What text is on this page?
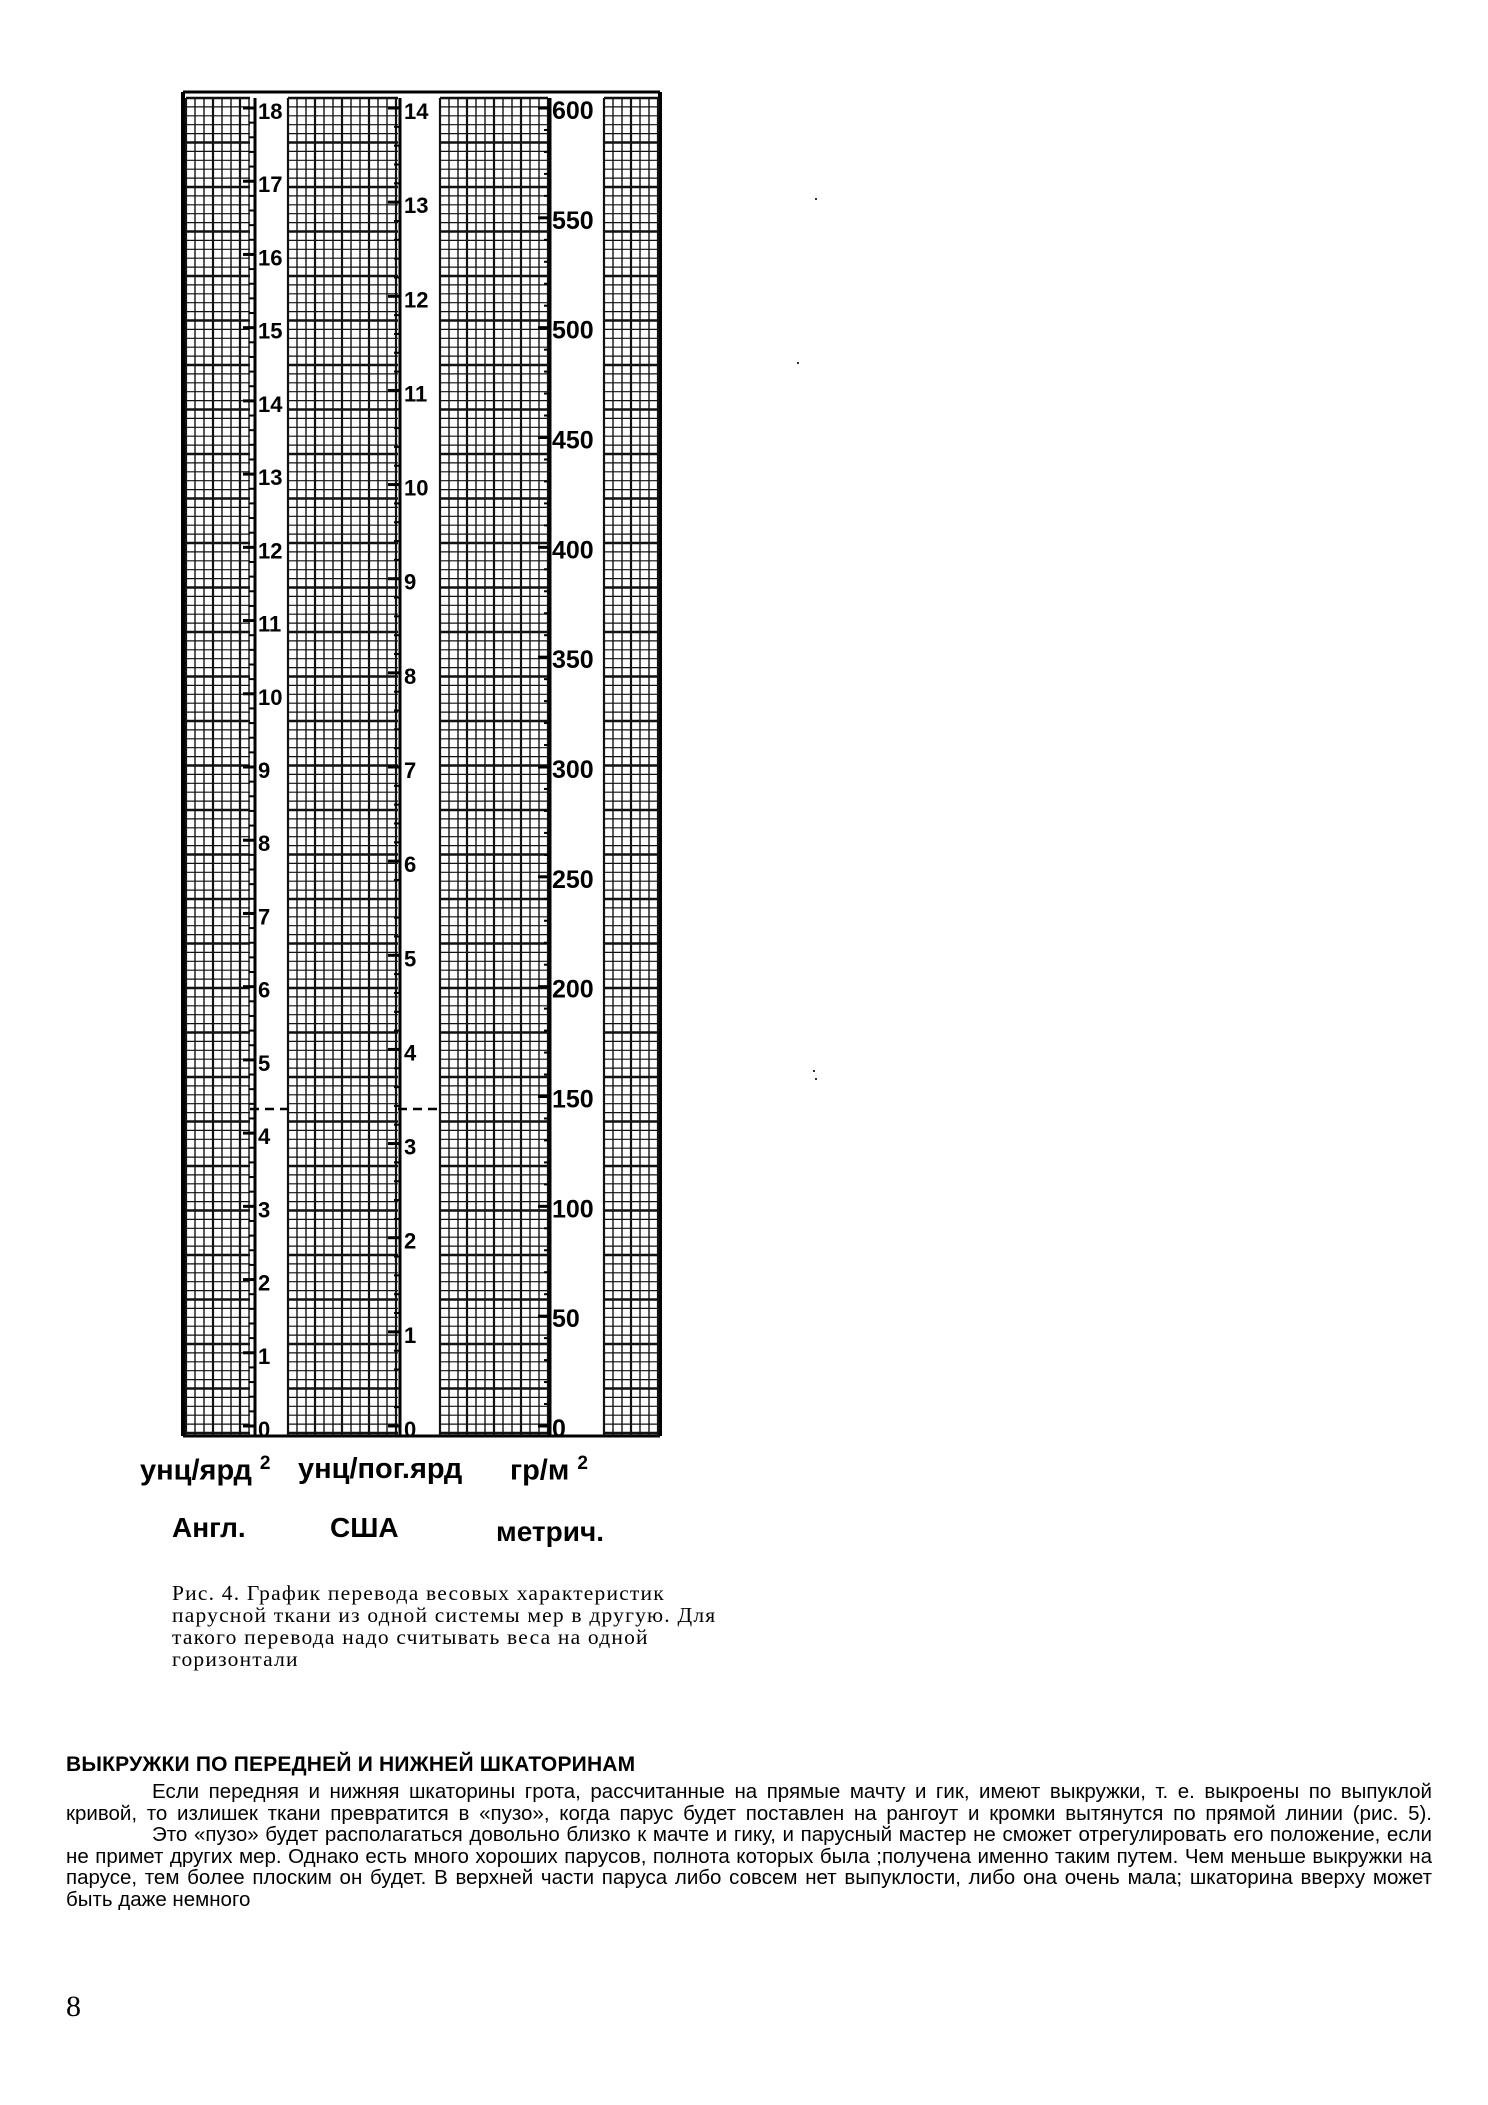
0
1
2
3
4
5
6
7
8
9
10
11
12
13
14
15
16
17
18
0
1
2
3
4
5
6
7
8
9
10
11
12
13
14
0
50
100
150
200
250
300
350
400
450
500
550
600
унц/ярд $^2$ унц/пог.ярд гр/м $^2$
Англ.	США	метрич.
Рис. 4. График перевода весовых характеристик парусной ткани из одной системы мер в другую. Для такого перевода надо считывать веса на одной горизонтали
ВЫКРУЖКИ ПО ПЕРЕДНЕЙ И НИЖНЕЙ ШКАТОРИНАМ

Если передняя и нижняя шкаторины грота, рассчитанные на прямые мачту и гик, имеют выкружки, т. е. выкроены по выпуклой кривой, то излишек ткани превратится в «пузо», когда парус будет поставлен на рангоут и кромки вытянутся по прямой линии (рис. 5).

Это «пузо» будет располагаться довольно близко к мачте и гику, и парусный мастер не сможет отрегулировать его положение, если не примет других мер. Однако есть много хороших парусов, полнота которых была ;получена именно таким путем. Чем меньше выкружки на парусе, тем более плоским он будет. В верхней части паруса либо совсем нет выпуклости, либо она очень мала; шкаторина вверху может быть даже немного

8
